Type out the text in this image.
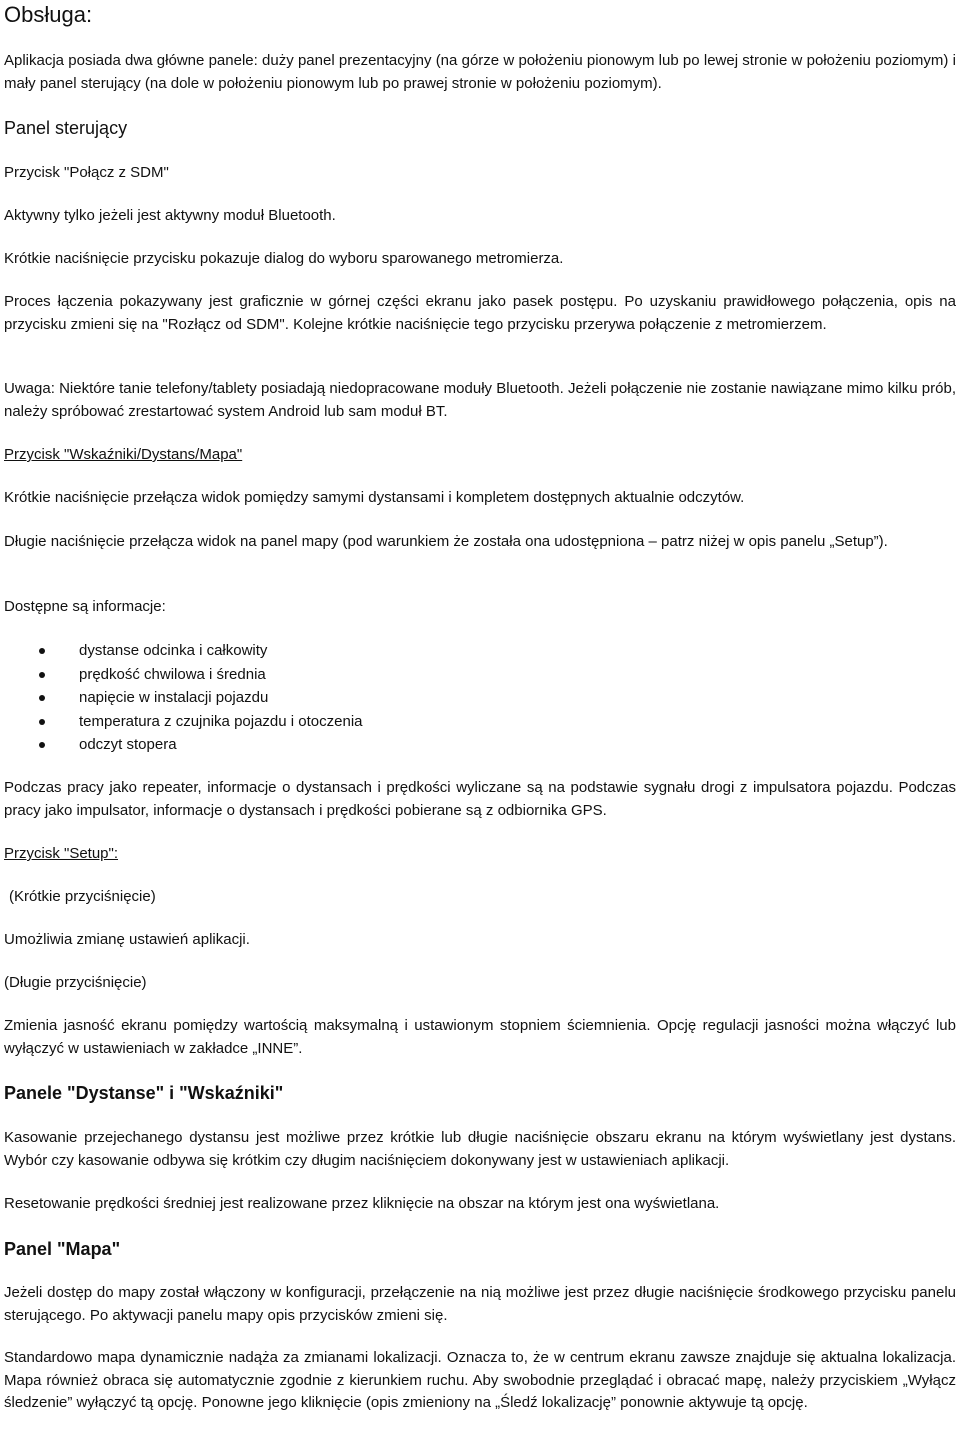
Obsługa:

Aplikacja posiada dwa główne panele: duży panel prezentacyjny (na górze w położeniu pionowym lub po lewej stronie w położeniu poziomym) i mały panel sterujący (na dole w położeniu pionowym lub po prawej stronie w położeniu poziomym).

Panel sterujący

Przycisk "Połącz z SDM"

Aktywny tylko jeżeli jest aktywny moduł Bluetooth.

Krótkie naciśnięcie przycisku pokazuje dialog do wyboru sparowanego metromierza.

Proces łączenia pokazywany jest graficznie w górnej części ekranu jako pasek postępu. Po uzyskaniu prawidłowego połączenia, opis na przycisku zmieni się na "Rozłącz od SDM". Kolejne krótkie naciśnięcie tego przycisku przerywa połączenie z metromierzem.

Uwaga: Niektóre tanie telefony/tablety posiadają niedopracowane moduły Bluetooth. Jeżeli połączenie nie zostanie nawiązane mimo kilku prób, należy spróbować zrestartować system Android lub sam moduł BT.

Przycisk "Wskaźniki/Dystans/Mapa"

Krótkie naciśnięcie przełącza widok pomiędzy samymi dystansami i kompletem dostępnych aktualnie odczytów.

Długie naciśnięcie przełącza widok na panel mapy (pod warunkiem że została ona udostępniona – patrz niżej w opis panelu „Setup”).

Dostępne są informacje:

dystanse odcinka i całkowity
prędkość chwilowa i średnia
napięcie w instalacji pojazdu
temperatura z czujnika pojazdu i otoczenia
odczyt stopera

Podczas pracy jako repeater, informacje o dystansach i prędkości wyliczane są na podstawie sygnału drogi z impulsatora pojazdu. Podczas pracy jako impulsator, informacje o dystansach i prędkości pobierane są z odbiornika GPS.

Przycisk "Setup":

(Krótkie przyciśnięcie)

Umożliwia zmianę ustawień aplikacji.

(Długie przyciśnięcie)

Zmienia jasność ekranu pomiędzy wartością maksymalną i ustawionym stopniem ściemnienia. Opcję regulacji jasności można włączyć lub wyłączyć w ustawieniach w zakładce „INNE”.

Panele "Dystanse" i "Wskaźniki"

Kasowanie przejechanego dystansu jest możliwe przez krótkie lub długie naciśnięcie obszaru ekranu na którym wyświetlany jest dystans. Wybór czy kasowanie odbywa się krótkim czy długim naciśnięciem dokonywany jest w ustawieniach aplikacji.

Resetowanie prędkości średniej jest realizowane przez kliknięcie na obszar na którym jest ona wyświetlana.

Panel "Mapa"

Jeżeli dostęp do mapy został włączony w konfiguracji, przełączenie na nią możliwe jest przez długie naciśnięcie środkowego przycisku panelu sterującego. Po aktywacji panelu mapy opis przycisków zmieni się.

Standardowo mapa dynamicznie nadąża za zmianami lokalizacji. Oznacza to, że w centrum ekranu zawsze znajduje się aktualna lokalizacja. Mapa również obraca się automatycznie zgodnie z kierunkiem ruchu. Aby swobodnie przeglądać i obracać mapę, należy przyciskiem „Wyłącz śledzenie” wyłączyć tą opcję. Ponowne jego kliknięcie (opis zmieniony na „Śledź lokalizację” ponownie aktywuje tą opcję.
